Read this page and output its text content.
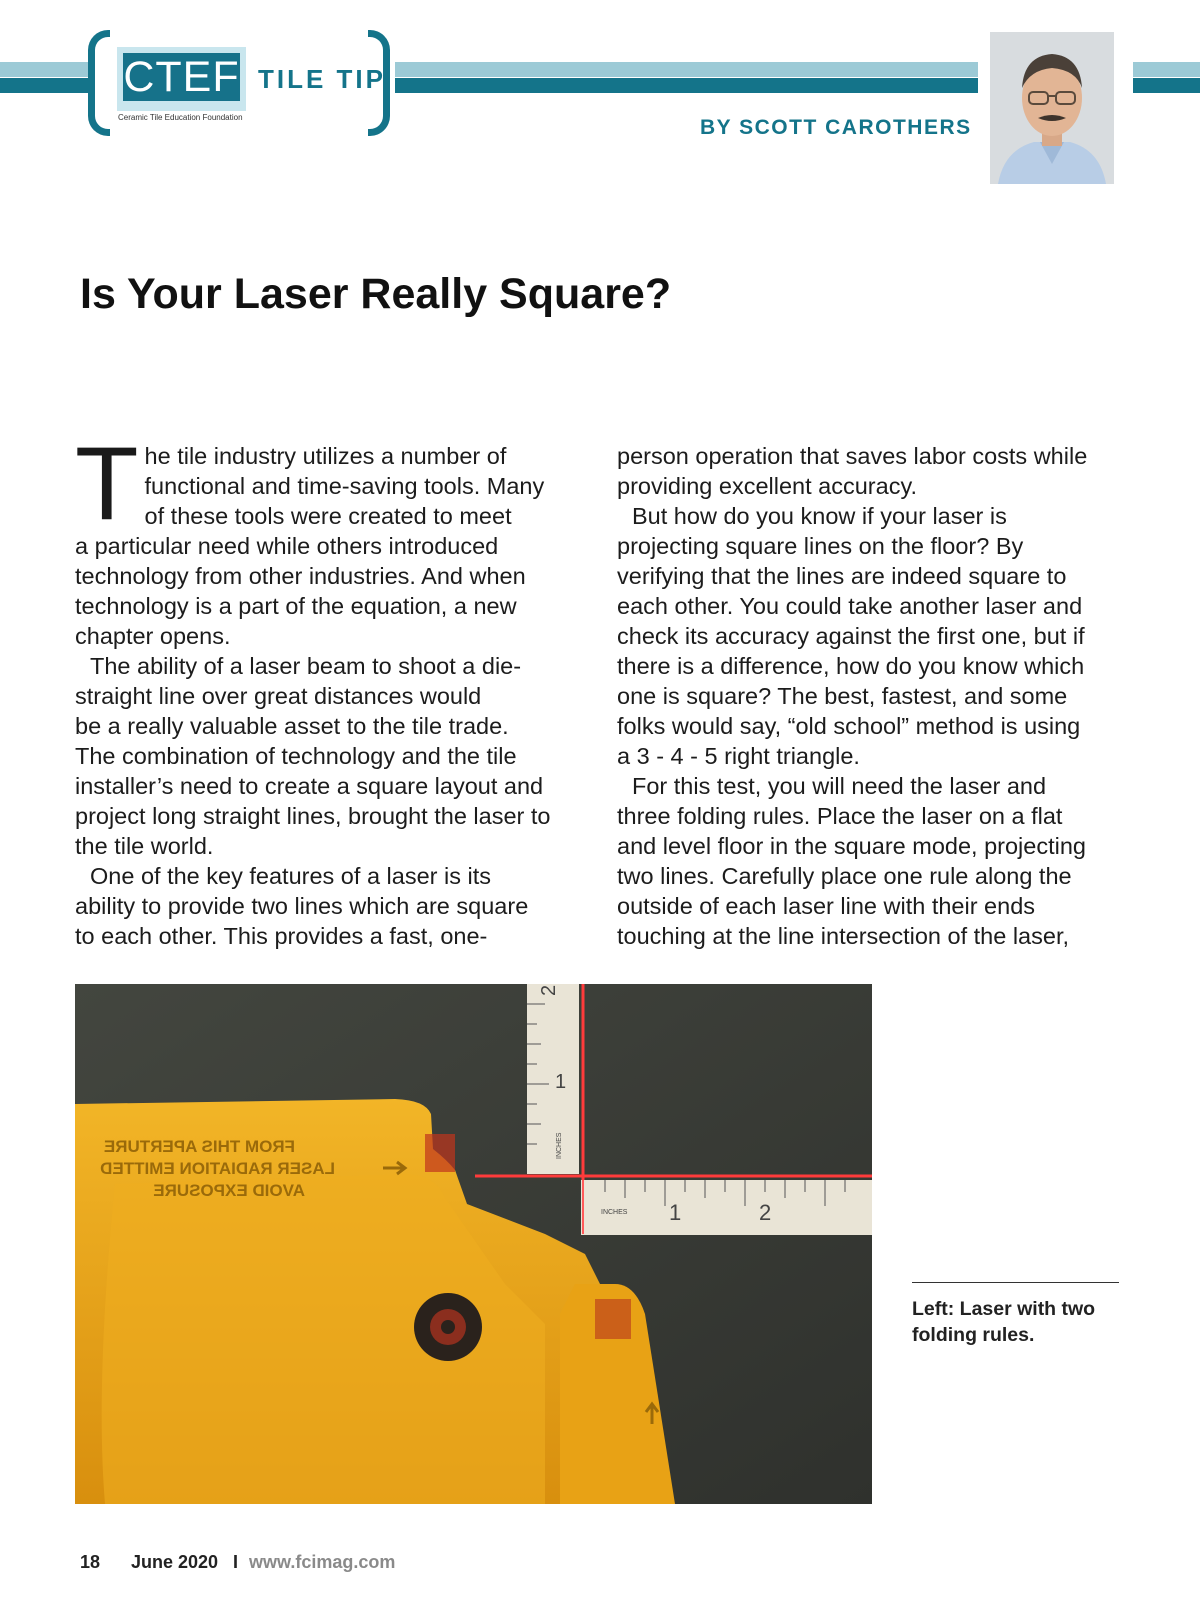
CTEF
Ceramic Tile Education Foundation
TILE TIP
BY SCOTT CAROTHERS
Is Your Laser Really Square?
T he tile industry utilizes a number of
functional and time-saving tools. Many
of these tools were created to meet
a particular need while others introduced
technology from other industries. And when
technology is a part of the equation, a new
chapter opens.
The ability of a laser beam to shoot a die-
straight line over great distances would
be a really valuable asset to the tile trade.
The combination of technology and the tile
installer’s need to create a square layout and
project long straight lines, brought the laser to
the tile world.
One of the key features of a laser is its
ability to provide two lines which are square
to each other. This provides a fast, one-
person operation that saves labor costs while
providing excellent accuracy.
But how do you know if your laser is
projecting square lines on the floor? By
verifying that the lines are indeed square to
each other. You could take another laser and
check its accuracy against the first one, but if
there is a difference, how do you know which
one is square? The best, fastest, and some
folks would say, “old school” method is using
a 3 - 4 - 5 right triangle.
For this test, you will need the laser and
three folding rules. Place the laser on a flat
and level floor in the square mode, projecting
two lines. Carefully place one rule along the
outside of each laser line with their ends
touching at the line intersection of the laser,
2
1
INCHES
INCHES 1	2
AVOID EXPOSURE
LASER RADIATION EMITTED
FROM THIS APERTURE
Left: Laser with two folding rules.
18 June 2020 I www.fcimag.com
